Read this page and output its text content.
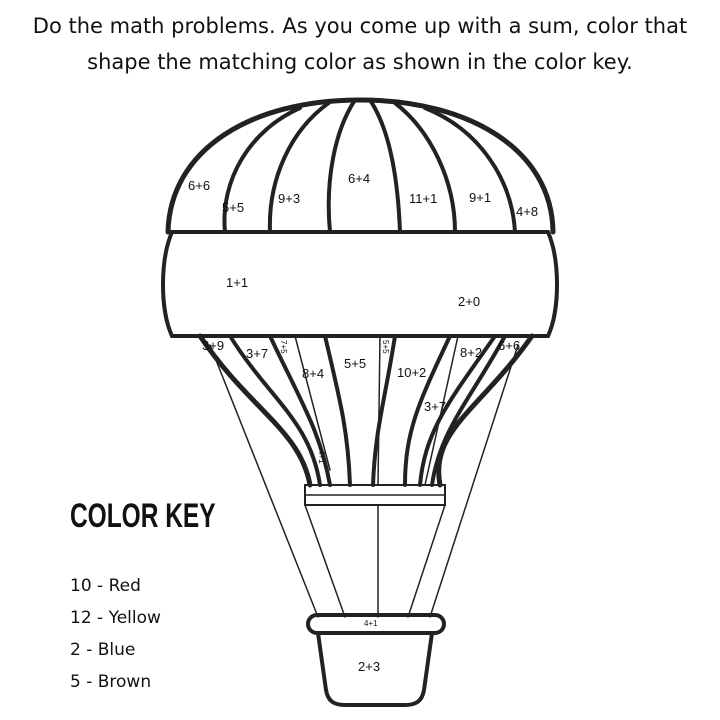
Do the math problems. As you come up with a sum, color that
shape the matching color as shown in the color key.
6+6
5+5
9+3
6+4
11+1 9+1
4+8
1+1
2+0
3+9
3+7 7+5
8+4
5+5
5+5
10+2
3+7
8+2 6+6
4+1
4+1
2+3
COLOR KEY
10 - Red
12 - Yellow
2 - Blue
5 - Brown
